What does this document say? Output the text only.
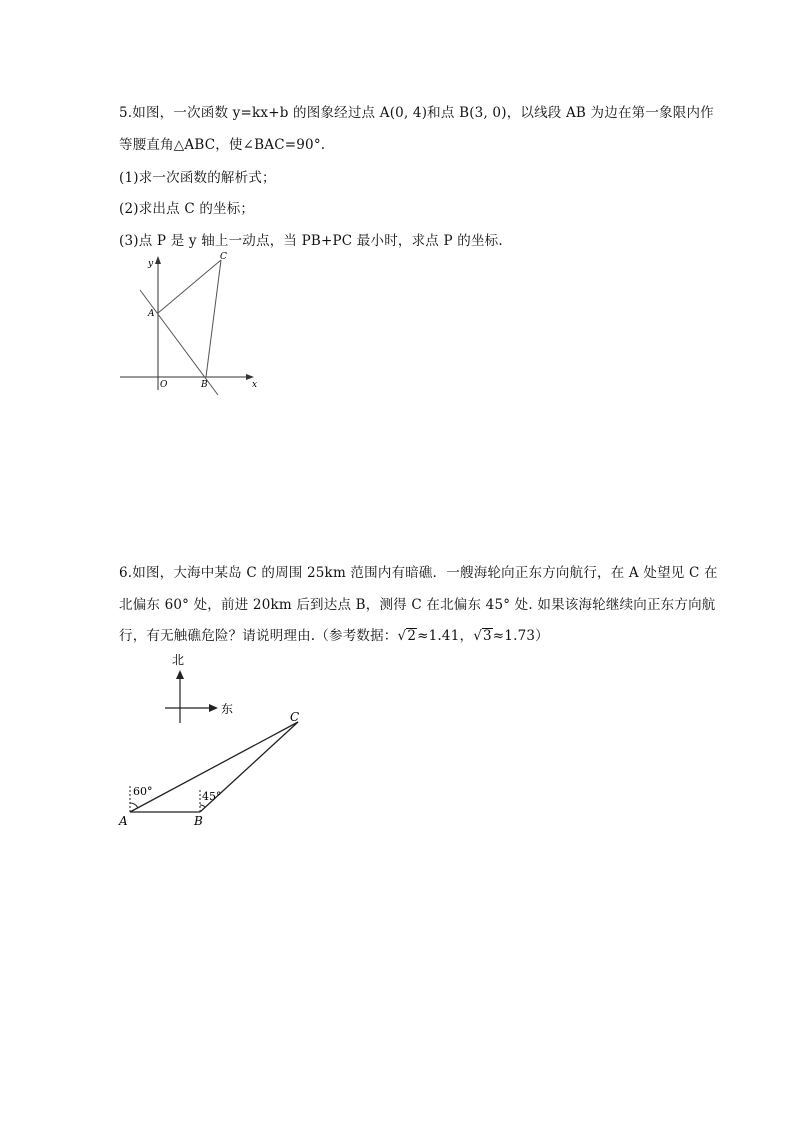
5.如图，一次函数 y=kx+b 的图象经过点 A(0, 4)和点 B(3, 0)，以线段 AB 为边在第一象限内作
等腰直角△ABC，使∠BAC=90°.
(1)求一次函数的解析式；
(2)求出点 C 的坐标；
(3)点 P 是 y 轴上一动点，当 PB+PC 最小时，求点 P 的坐标.
y
x
A
C
O	B
6.如图，大海中某岛 C 的周围 25km 范围内有暗礁．一艘海轮向正东方向航行，在 A 处望见 C 在
北偏东 60° 处，前进 20km 后到达点 B，测得 C 在北偏东 45° 处. 如果该海轮继续向正东方向航
行，有无触礁危险？请说明理由.（参考数据：√2≈1.41，√3≈1.73）
北
东
60°	45°
A	B
C
